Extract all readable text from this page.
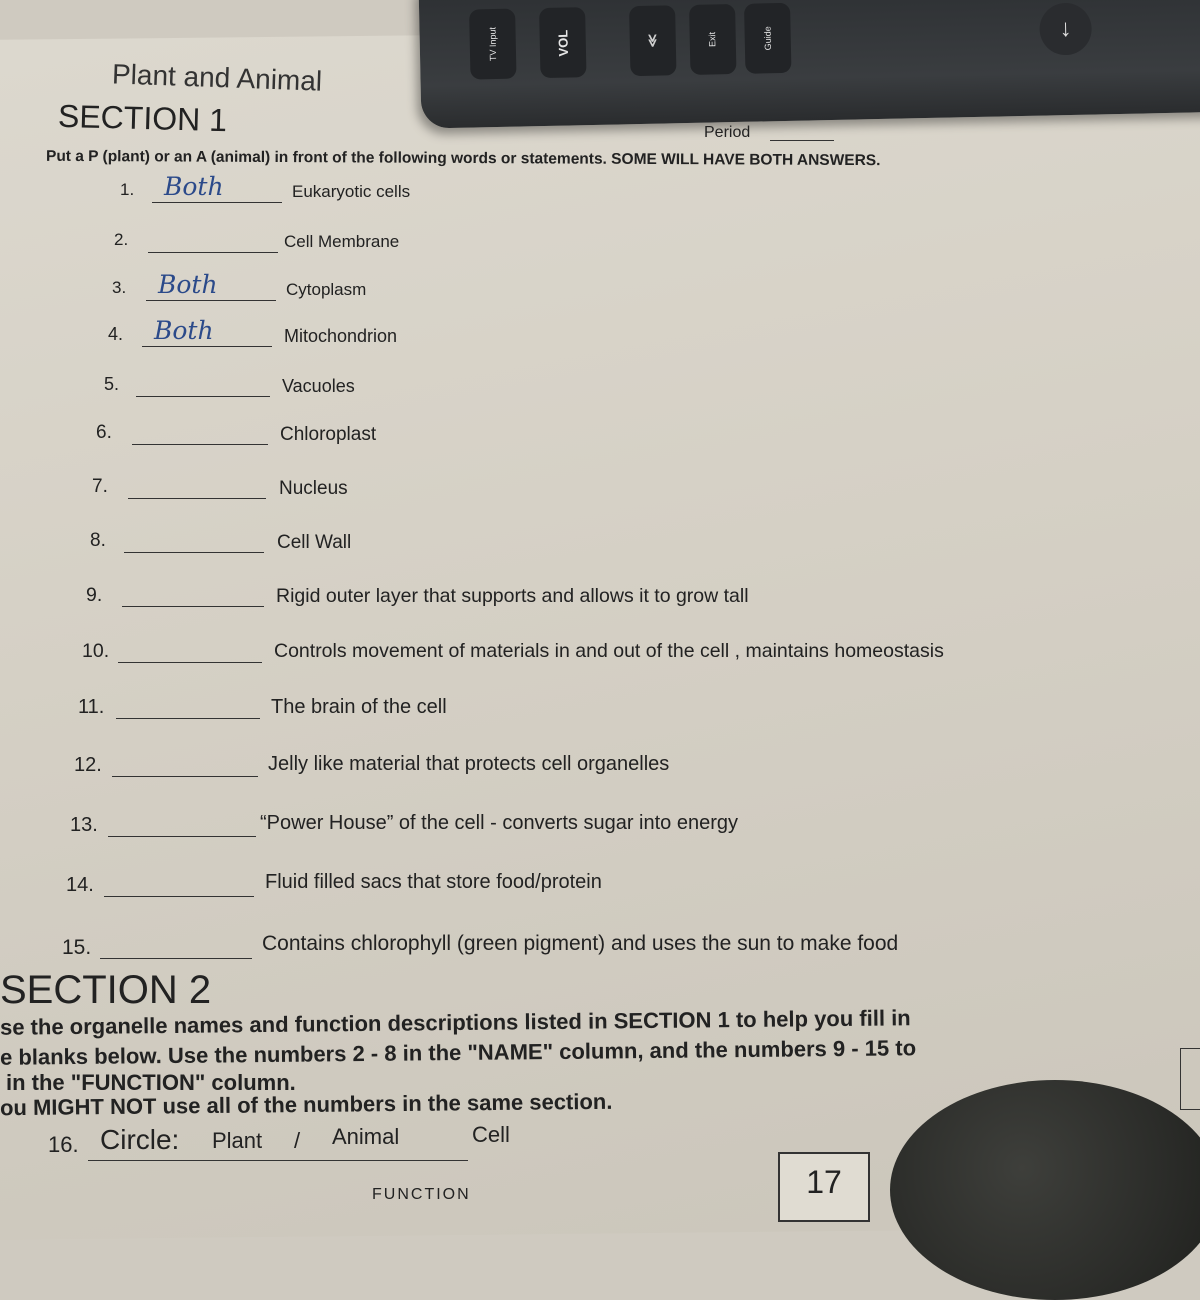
TV Input	VOL	≪	Exit	Guide	↓
Plant and Animal
SECTION 1	Period
Put a P (plant) or an A (animal) in front of the following words or statements. SOME WILL HAVE BOTH ANSWERS.
1. Both	Eukaryotic cells
2.	Cell Membrane
3. Both	Cytoplasm
4. Both	Mitochondrion
5.	Vacuoles
6.	Chloroplast
7.	Nucleus
8.	Cell Wall
9.	Rigid outer layer that supports and allows it to grow tall
10.	Controls movement of materials in and out of the cell , maintains homeostasis
11.	The brain of the cell
12.	Jelly like material that protects cell organelles
13.	“Power House” of the cell - converts sugar into energy
14.	Fluid filled sacs that store food/protein
15.	Contains chlorophyll (green pigment) and uses the sun to make food
SECTION 2
se the organelle names and function descriptions listed in SECTION 1 to help you fill in
e blanks below. Use the numbers 2 - 8 in the "NAME" column, and the numbers 9 - 15 to
in the "FUNCTION" column.
ou MIGHT NOT use all of the numbers in the same section.
16. Circle: Plant / Animal	Cell
FUNCTION	17
